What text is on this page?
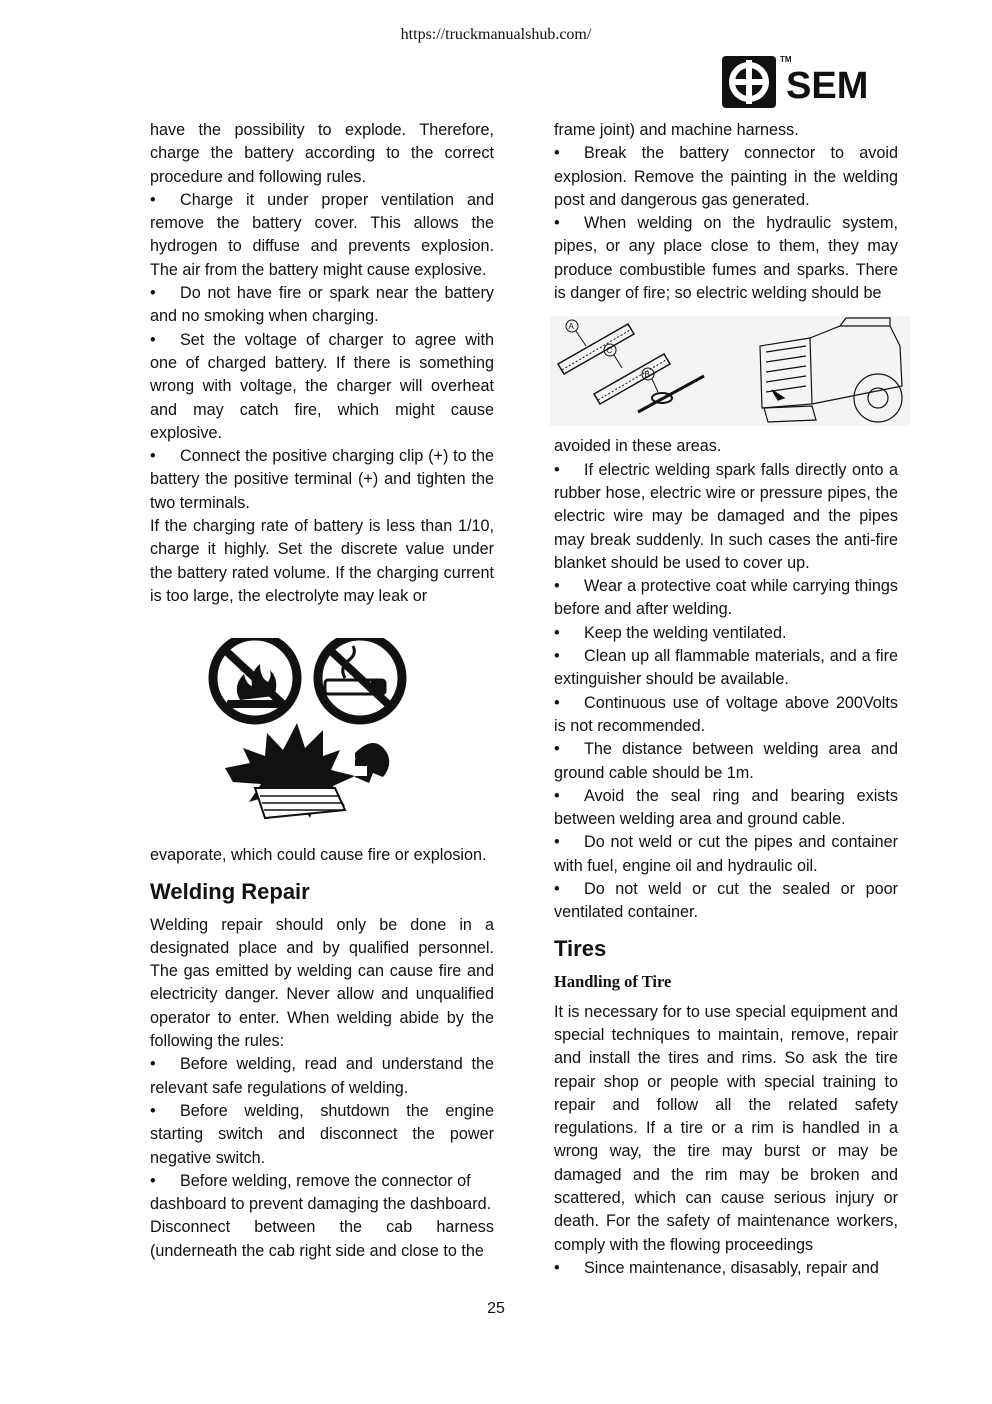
https://truckmanualshub.com/
TM
SEM

have the possibility to explode. Therefore, charge the battery according to the correct procedure and following rules.

• Charge it under proper ventilation and remove the battery cover. This allows the hydrogen to diffuse and prevents explosion. The air from the battery might cause explosive.

• Do not have fire or spark near the battery and no smoking when charging.

• Set the voltage of charger to agree with one of charged battery. If there is something wrong with voltage, the charger will overheat and may catch fire, which might cause explosive.

• Connect the positive charging clip (+) to the battery the positive terminal (+) and tighten the two terminals.

If the charging rate of battery is less than 1/10, charge it highly. Set the discrete value under the battery rated volume. If the charging current is too large, the electrolyte may leak or

evaporate, which could cause fire or explosion.

Welding Repair

Welding repair should only be done in a designated place and by qualified personnel. The gas emitted by welding can cause fire and electricity danger. Never allow and unqualified operator to enter. When welding abide by the following the rules:

• Before welding, read and understand the relevant safe regulations of welding.

• Before welding, shutdown the engine starting switch and disconnect the power negative switch.

• Before welding, remove the connector of dashboard to prevent damaging the dashboard.

Disconnect between the cab harness (underneath the cab right side and close to the

+

frame joint) and machine harness.

• Break the battery connector to avoid explosion. Remove the painting in the welding post and dangerous gas generated.

• When welding on the hydraulic system, pipes, or any place close to them, they may produce combustible fumes and sparks. There is danger of fire; so electric welding should be

avoided in these areas.

• If electric welding spark falls directly onto a rubber hose, electric wire or pressure pipes, the electric wire may be damaged and the pipes may break suddenly. In such cases the anti-fire blanket should be used to cover up.

• Wear a protective coat while carrying things before and after welding.

• Keep the welding ventilated.

• Clean up all flammable materials, and a fire extinguisher should be available.

• Continuous use of voltage above 200Volts is not recommended.

• The distance between welding area and ground cable should be 1m.

• Avoid the seal ring and bearing exists between welding area and ground cable.

• Do not weld or cut the pipes and container with fuel, engine oil and hydraulic oil.

• Do not weld or cut the sealed or poor ventilated container.

Tires
Handling of Tire

It is necessary for to use special equipment and special techniques to maintain, remove, repair and install the tires and rims. So ask the tire repair shop or people with special training to repair and follow all the related safety regulations. If a tire or a rim is handled in a wrong way, the tire may burst or may be damaged and the rim may be broken and scattered, which can cause serious injury or death. For the safety of maintenance workers, comply with the flowing proceedings

• Since maintenance, disasably, repair and

A
C
B
25
